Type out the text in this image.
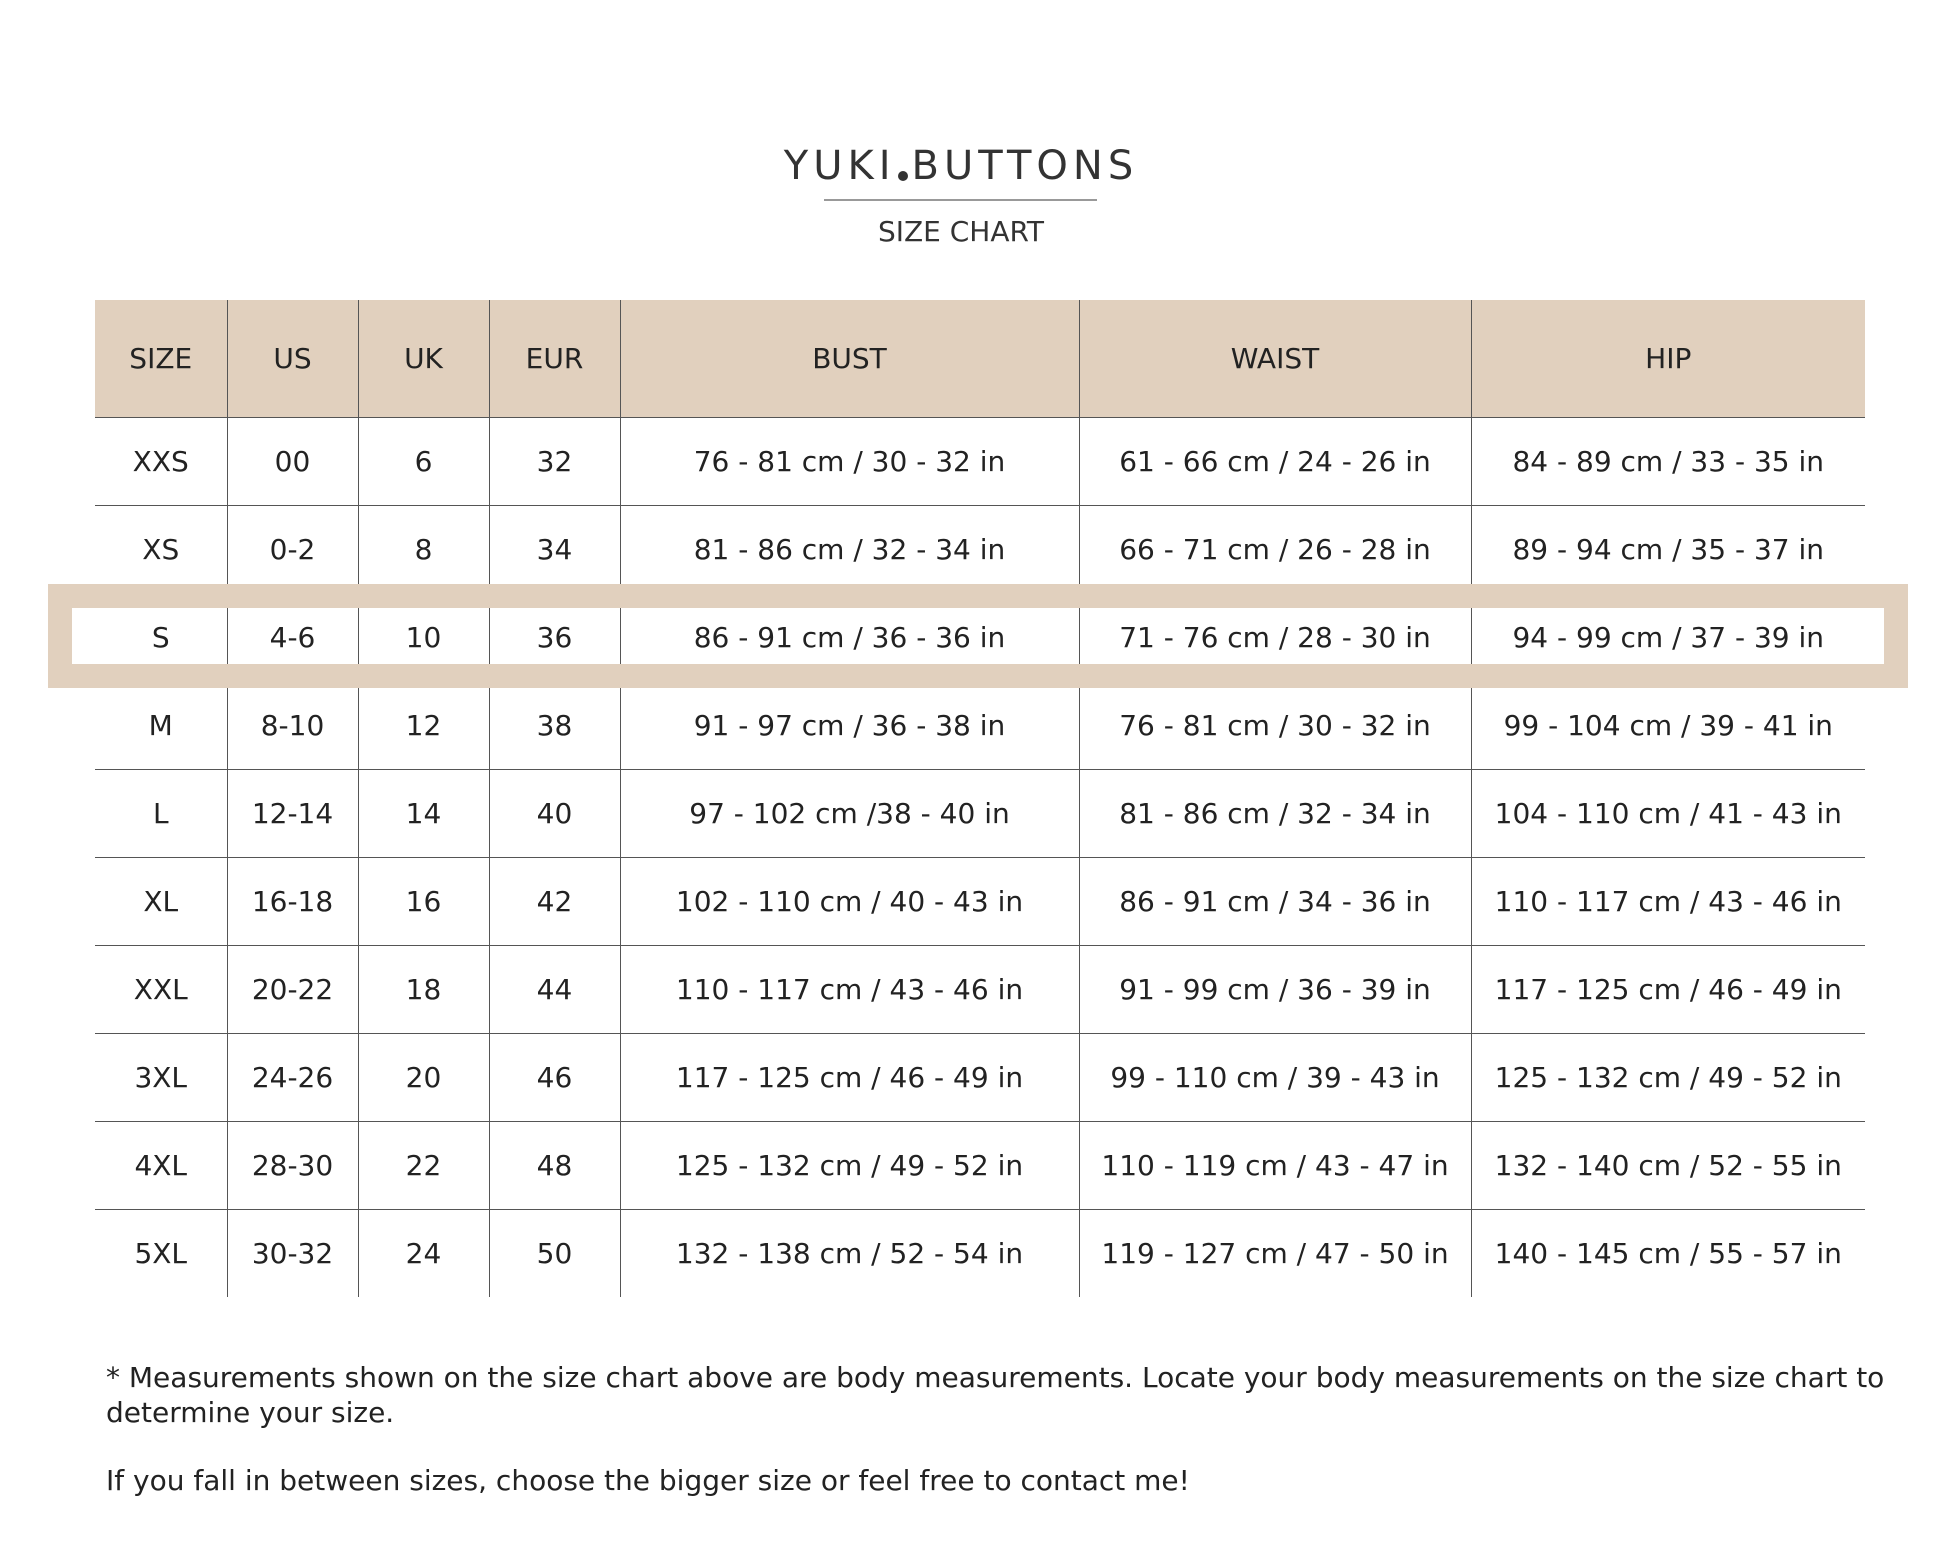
YUKI BUTTONS
SIZE CHART
SIZE	US	UK	EUR	BUST	WAIST	HIP
XXS	00	6	32	76 - 81 cm / 30 - 32 in	61 - 66 cm / 24 - 26 in	84 - 89 cm / 33 - 35 in
XS	0-2	8	34	81 - 86 cm / 32 - 34 in	66 - 71 cm / 26 - 28 in	89 - 94 cm / 35 - 37 in
S	4-6	10	36	86 - 91 cm / 36 - 36 in	71 - 76 cm / 28 - 30 in	94 - 99 cm / 37 - 39 in
M	8-10	12	38	91 - 97 cm / 36 - 38 in	76 - 81 cm / 30 - 32 in	99 - 104 cm / 39 - 41 in
L	12-14	14	40	97 - 102 cm /38 - 40 in	81 - 86 cm / 32 - 34 in	104 - 110 cm / 41 - 43 in
XL	16-18	16	42	102 - 110 cm / 40 - 43 in	86 - 91 cm / 34 - 36 in	110 - 117 cm / 43 - 46 in
XXL	20-22	18	44	110 - 117 cm / 43 - 46 in	91 - 99 cm / 36 - 39 in	117 - 125 cm / 46 - 49 in
3XL	24-26	20	46	117 - 125 cm / 46 - 49 in	99 - 110 cm / 39 - 43 in	125 - 132 cm / 49 - 52 in
4XL	28-30	22	48	125 - 132 cm / 49 - 52 in	110 - 119 cm / 43 - 47 in	132 - 140 cm / 52 - 55 in
5XL	30-32	24	50	132 - 138 cm / 52 - 54 in	119 - 127 cm / 47 - 50 in	140 - 145 cm / 55 - 57 in

* Measurements shown on the size chart above are body measurements. Locate your body measurements on the size chart to determine your size.

If you fall in between sizes, choose the bigger size or feel free to contact me!
